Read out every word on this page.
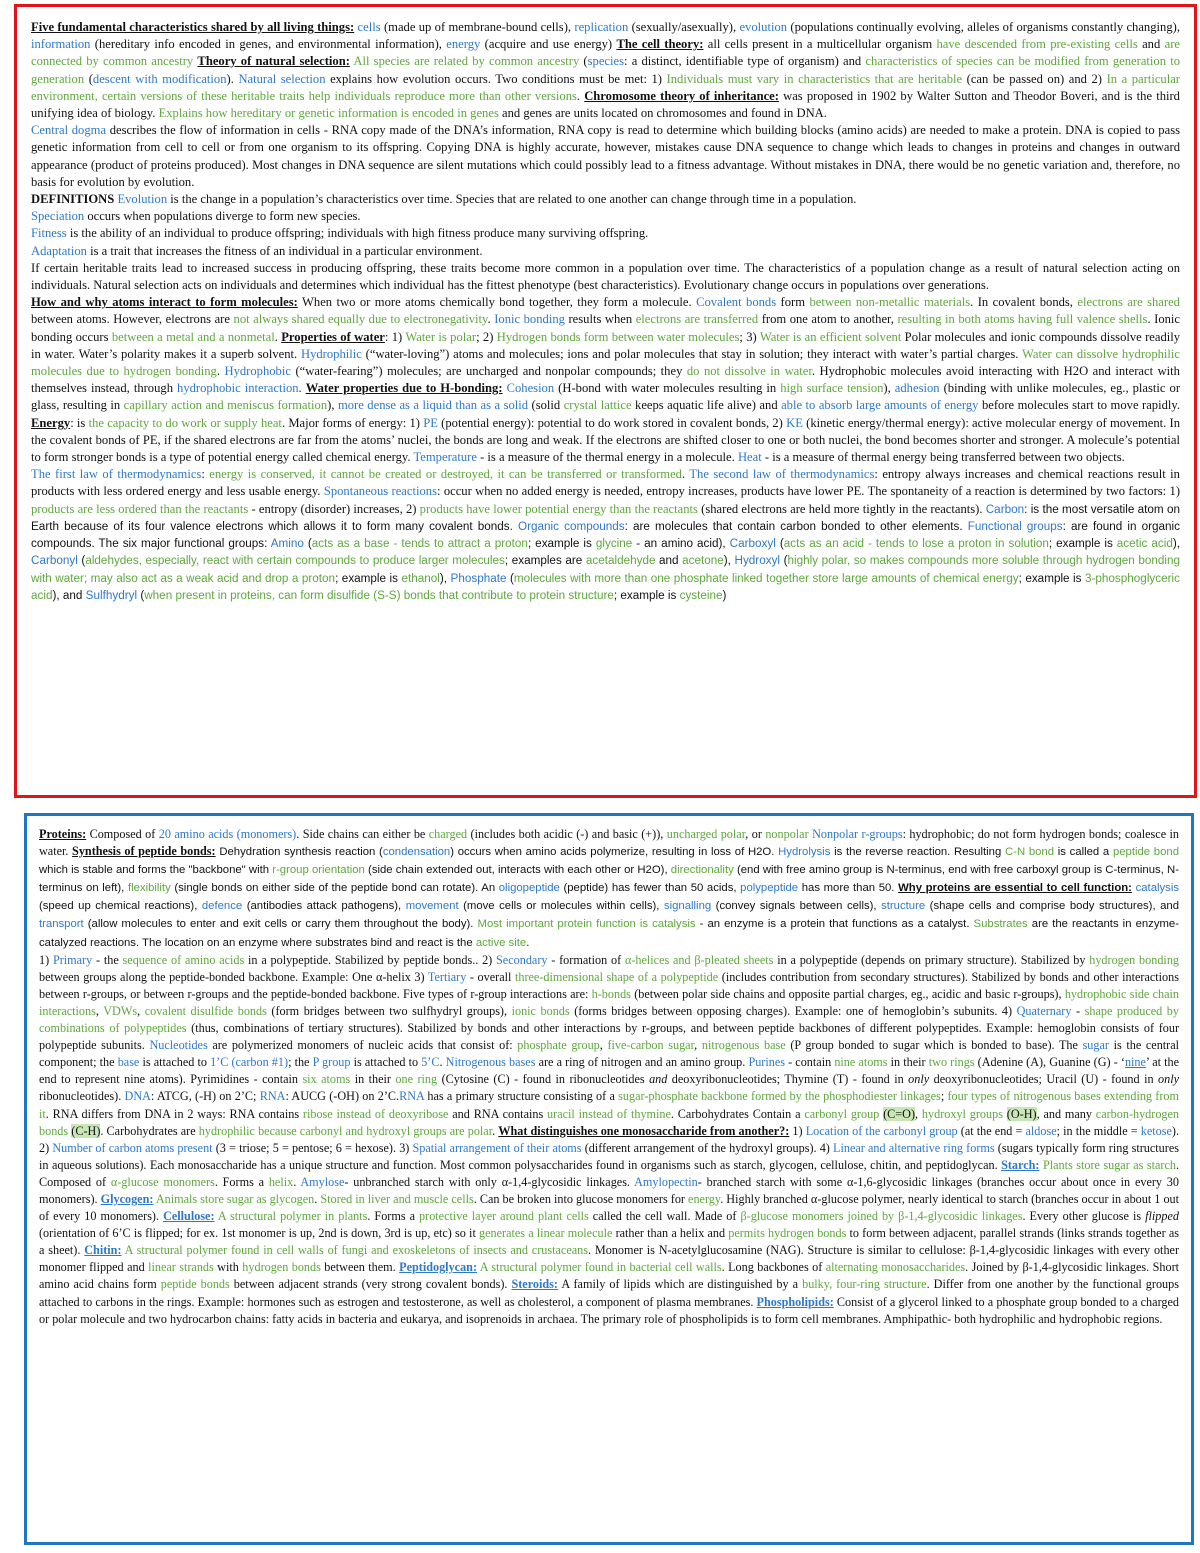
Five fundamental characteristics shared by all living things: cells (made up of membrane-bound cells), replication (sexually/asexually), evolution (populations continually evolving, alleles of organisms constantly changing), information (hereditary info encoded in genes, and environmental information), energy (acquire and use energy) The cell theory: all cells present in a multicellular organism have descended from pre-existing cells and are connected by common ancestry Theory of natural selection: All species are related by common ancestry (species: a distinct, identifiable type of organism) and characteristics of species can be modified from generation to generation (descent with modification). Natural selection explains how evolution occurs. Two conditions must be met: 1) Individuals must vary in characteristics that are heritable (can be passed on) and 2) In a particular environment, certain versions of these heritable traits help individuals reproduce more than other versions. Chromosome theory of inheritance: was proposed in 1902 by Walter Sutton and Theodor Boveri, and is the third unifying idea of biology. Explains how hereditary or genetic information is encoded in genes and genes are units located on chromosomes and found in DNA.
Central dogma describes the flow of information in cells - RNA copy made of the DNA’s information, RNA copy is read to determine which building blocks (amino acids) are needed to make a protein. DNA is copied to pass genetic information from cell to cell or from one organism to its offspring. Copying DNA is highly accurate, however, mistakes cause DNA sequence to change which leads to changes in proteins and changes in outward appearance (product of proteins produced). Most changes in DNA sequence are silent mutations which could possibly lead to a fitness advantage. Without mistakes in DNA, there would be no genetic variation and, therefore, no basis for evolution by evolution.
DEFINITIONS Evolution is the change in a population’s characteristics over time. Species that are related to one another can change through time in a population.
Speciation occurs when populations diverge to form new species.
Fitness is the ability of an individual to produce offspring; individuals with high fitness produce many surviving offspring.
Adaptation is a trait that increases the fitness of an individual in a particular environment.
If certain heritable traits lead to increased success in producing offspring, these traits become more common in a population over time. The characteristics of a population change as a result of natural selection acting on individuals. Natural selection acts on individuals and determines which individual has the fittest phenotype (best characteristics). Evolutionary change occurs in populations over generations.
How and why atoms interact to form molecules: When two or more atoms chemically bond together, they form a molecule. Covalent bonds form between non-metallic materials. In covalent bonds, electrons are shared between atoms. However, electrons are not always shared equally due to electronegativity. Ionic bonding results when electrons are transferred from one atom to another, resulting in both atoms having full valence shells. Ionic bonding occurs between a metal and a nonmetal. Properties of water: 1) Water is polar; 2) Hydrogen bonds form between water molecules; 3) Water is an efficient solvent Polar molecules and ionic compounds dissolve readily in water. Water’s polarity makes it a superb solvent. Hydrophilic (“water-loving”) atoms and molecules; ions and polar molecules that stay in solution; they interact with water’s partial charges. Water can dissolve hydrophilic molecules due to hydrogen bonding. Hydrophobic (“water-fearing”) molecules; are uncharged and nonpolar compounds; they do not dissolve in water. Hydrophobic molecules avoid interacting with H2O and interact with themselves instead, through hydrophobic interaction. Water properties due to H-bonding: Cohesion (H-bond with water molecules resulting in high surface tension), adhesion (binding with unlike molecules, eg., plastic or glass, resulting in capillary action and meniscus formation), more dense as a liquid than as a solid (solid crystal lattice keeps aquatic life alive) and able to absorb large amounts of energy before molecules start to move rapidly. Energy: is the capacity to do work or supply heat. Major forms of energy: 1) PE (potential energy): potential to do work stored in covalent bonds, 2) KE (kinetic energy/thermal energy): active molecular energy of movement. In the covalent bonds of PE, if the shared electrons are far from the atoms’ nuclei, the bonds are long and weak. If the electrons are shifted closer to one or both nuclei, the bond becomes shorter and stronger. A molecule’s potential to form stronger bonds is a type of potential energy called chemical energy. Temperature - is a measure of the thermal energy in a molecule. Heat - is a measure of thermal energy being transferred between two objects.
The first law of thermodynamics: energy is conserved, it cannot be created or destroyed, it can be transferred or transformed. The second law of thermodynamics: entropy always increases and chemical reactions result in products with less ordered energy and less usable energy. Spontaneous reactions: occur when no added energy is needed, entropy increases, products have lower PE. The spontaneity of a reaction is determined by two factors: 1) products are less ordered than the reactants - entropy (disorder) increases, 2) products have lower potential energy than the reactants (shared electrons are held more tightly in the reactants). Carbon: is the most versatile atom on Earth because of its four valence electrons which allows it to form many covalent bonds. Organic compounds: are molecules that contain carbon bonded to other elements. Functional groups: are found in organic compounds. The six major functional groups: Amino (acts as a base - tends to attract a proton; example is glycine - an amino acid), Carboxyl (acts as an acid - tends to lose a proton in solution; example is acetic acid), Carbonyl (aldehydes, especially, react with certain compounds to produce larger molecules; examples are acetaldehyde and acetone), Hydroxyl (highly polar, so makes compounds more soluble through hydrogen bonding with water; may also act as a weak acid and drop a proton; example is ethanol), Phosphate (molecules with more than one phosphate linked together store large amounts of chemical energy; example is 3-phosphoglyceric acid), and Sulfhydryl (when present in proteins, can form disulfide (S-S) bonds that contribute to protein structure; example is cysteine)
Proteins: Composed of 20 amino acids (monomers). Side chains can either be charged (includes both acidic (-) and basic (+)), uncharged polar, or nonpolar Nonpolar r-groups: hydrophobic; do not form hydrogen bonds; coalesce in water. Synthesis of peptide bonds: Dehydration synthesis reaction (condensation) occurs when amino acids polymerize, resulting in loss of H2O. Hydrolysis is the reverse reaction. Resulting C-N bond is called a peptide bond which is stable and forms the "backbone" with r-group orientation (side chain extended out, interacts with each other or H2O), directionality (end with free amino group is N-terminus, end with free carboxyl group is C-terminus, N-terminus on left), flexibility (single bonds on either side of the peptide bond can rotate). An oligopeptide (peptide) has fewer than 50 acids, polypeptide has more than 50. Why proteins are essential to cell function: catalysis (speed up chemical reactions), defence (antibodies attack pathogens), movement (move cells or molecules within cells), signalling (convey signals between cells), structure (shape cells and comprise body structures), and transport (allow molecules to enter and exit cells or carry them throughout the body). Most important protein function is catalysis - an enzyme is a protein that functions as a catalyst. Substrates are the reactants in enzyme-catalyzed reactions. The location on an enzyme where substrates bind and react is the active site.
1) Primary - the sequence of amino acids in a polypeptide. Stabilized by peptide bonds.. 2) Secondary - formation of α-helices and β-pleated sheets in a polypeptide (depends on primary structure). Stabilized by hydrogen bonding between groups along the peptide-bonded backbone. Example: One α-helix 3) Tertiary - overall three-dimensional shape of a polypeptide (includes contribution from secondary structures). Stabilized by bonds and other interactions between r-groups, or between r-groups and the peptide-bonded backbone. Five types of r-group interactions are: h-bonds (between polar side chains and opposite partial charges, eg., acidic and basic r-groups), hydrophobic side chain interactions, VDWs, covalent disulfide bonds (form bridges between two sulfhydryl groups), ionic bonds (forms bridges between opposing charges). Example: one of hemoglobin’s subunits. 4) Quaternary - shape produced by combinations of polypeptides (thus, combinations of tertiary structures). Stabilized by bonds and other interactions by r-groups, and between peptide backbones of different polypeptides. Example: hemoglobin consists of four polypeptide subunits. Nucleotides are polymerized monomers of nucleic acids that consist of: phosphate group, five-carbon sugar, nitrogenous base (P group bonded to sugar which is bonded to base). The sugar is the central component; the base is attached to 1’C (carbon #1); the P group is attached to 5’C. Nitrogenous bases are a ring of nitrogen and an amino group. Purines - contain nine atoms in their two rings (Adenine (A), Guanine (G) - ‘nine’ at the end to represent nine atoms). Pyrimidines - contain six atoms in their one ring (Cytosine (C) - found in ribonucleotides and deoxyribonucleotides; Thymine (T) - found in only deoxyribonucleotides; Uracil (U) - found in only ribonucleotides). DNA: ATCG, (-H) on 2’C; RNA: AUCG (-OH) on 2’C.RNA has a primary structure consisting of a sugar-phosphate backbone formed by the phosphodiester linkages; four types of nitrogenous bases extending from it. RNA differs from DNA in 2 ways: RNA contains ribose instead of deoxyribose and RNA contains uracil instead of thymine. Carbohydrates Contain a carbonyl group (C=O), hydroxyl groups (O-H), and many carbon-hydrogen bonds (C-H). Carbohydrates are hydrophilic because carbonyl and hydroxyl groups are polar. What distinguishes one monosaccharide from another?: 1) Location of the carbonyl group (at the end = aldose; in the middle = ketose). 2) Number of carbon atoms present (3 = triose; 5 = pentose; 6 = hexose). 3) Spatial arrangement of their atoms (different arrangement of the hydroxyl groups). 4) Linear and alternative ring forms (sugars typically form ring structures in aqueous solutions). Each monosaccharide has a unique structure and function. Most common polysaccharides found in organisms such as starch, glycogen, cellulose, chitin, and peptidoglycan. Starch: Plants store sugar as starch. Composed of α-glucose monomers. Forms a helix. Amylose- unbranched starch with only α-1,4-glycosidic linkages. Amylopectin- branched starch with some α-1,6-glycosidic linkages (branches occur about once in every 30 monomers). Glycogen: Animals store sugar as glycogen. Stored in liver and muscle cells. Can be broken into glucose monomers for energy. Highly branched α-glucose polymer, nearly identical to starch (branches occur in about 1 out of every 10 monomers). Cellulose: A structural polymer in plants. Forms a protective layer around plant cells called the cell wall. Made of β-glucose monomers joined by β-1,4-glycosidic linkages. Every other glucose is flipped (orientation of 6’C is flipped; for ex. 1st monomer is up, 2nd is down, 3rd is up, etc) so it generates a linear molecule rather than a helix and permits hydrogen bonds to form between adjacent, parallel strands (links strands together as a sheet). Chitin: A structural polymer found in cell walls of fungi and exoskeletons of insects and crustaceans. Monomer is N-acetylglucosamine (NAG). Structure is similar to cellulose: β-1,4-glycosidic linkages with every other monomer flipped and linear strands with hydrogen bonds between them. Peptidoglycan: A structural polymer found in bacterial cell walls. Long backbones of alternating monosaccharides. Joined by β-1,4-glycosidic linkages. Short amino acid chains form peptide bonds between adjacent strands (very strong covalent bonds). Steroids: A family of lipids which are distinguished by a bulky, four-ring structure. Differ from one another by the functional groups attached to carbons in the rings. Example: hormones such as estrogen and testosterone, as well as cholesterol, a component of plasma membranes. Phospholipids: Consist of a glycerol linked to a phosphate group bonded to a charged or polar molecule and two hydrocarbon chains: fatty acids in bacteria and eukarya, and isoprenoids in archaea. The primary role of phospholipids is to form cell membranes. Amphipathic- both hydrophilic and hydrophobic regions.
